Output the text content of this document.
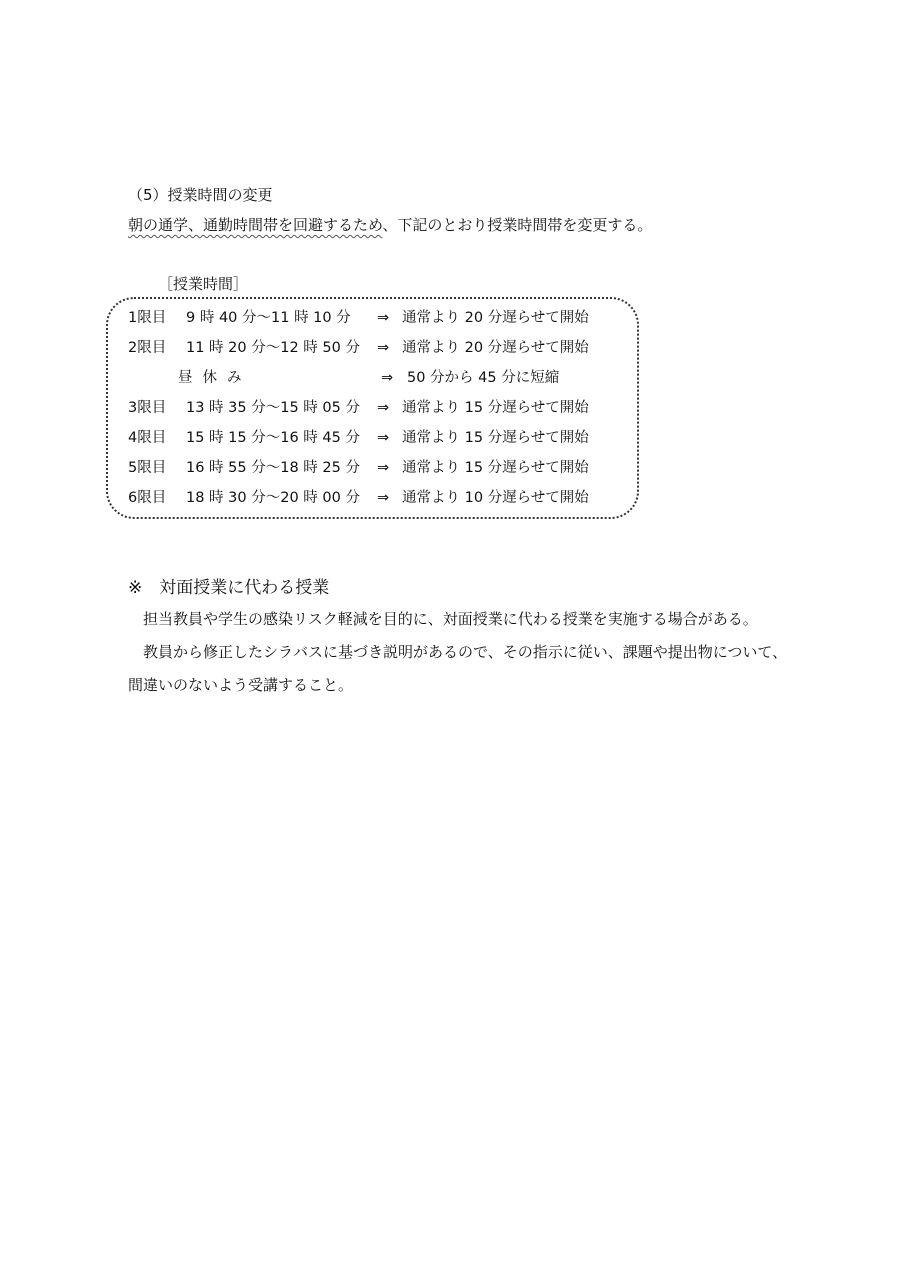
（5）授業時間の変更
朝の通学、通勤時間帯を回避するため、下記のとおり授業時間帯を変更する。
［授業時間］
1限目 9 時 40 分～11 時 10 分 ⇒ 通常より 20 分遅らせて開始
2限目 11 時 20 分～12 時 50 分 ⇒ 通常より 20 分遅らせて開始
昼休み	⇒ 50 分から 45 分に短縮
3限目 13 時 35 分～15 時 05 分 ⇒ 通常より 15 分遅らせて開始
4限目 15 時 15 分～16 時 45 分 ⇒ 通常より 15 分遅らせて開始
5限目 16 時 55 分～18 時 25 分 ⇒ 通常より 15 分遅らせて開始
6限目 18 時 30 分～20 時 00 分 ⇒ 通常より 10 分遅らせて開始
※　対面授業に代わる授業
　担当教員や学生の感染リスク軽減を目的に、対面授業に代わる授業を実施する場合がある。
　教員から修正したシラバスに基づき説明があるので、その指示に従い、課題や提出物について、
間違いのないよう受講すること。
